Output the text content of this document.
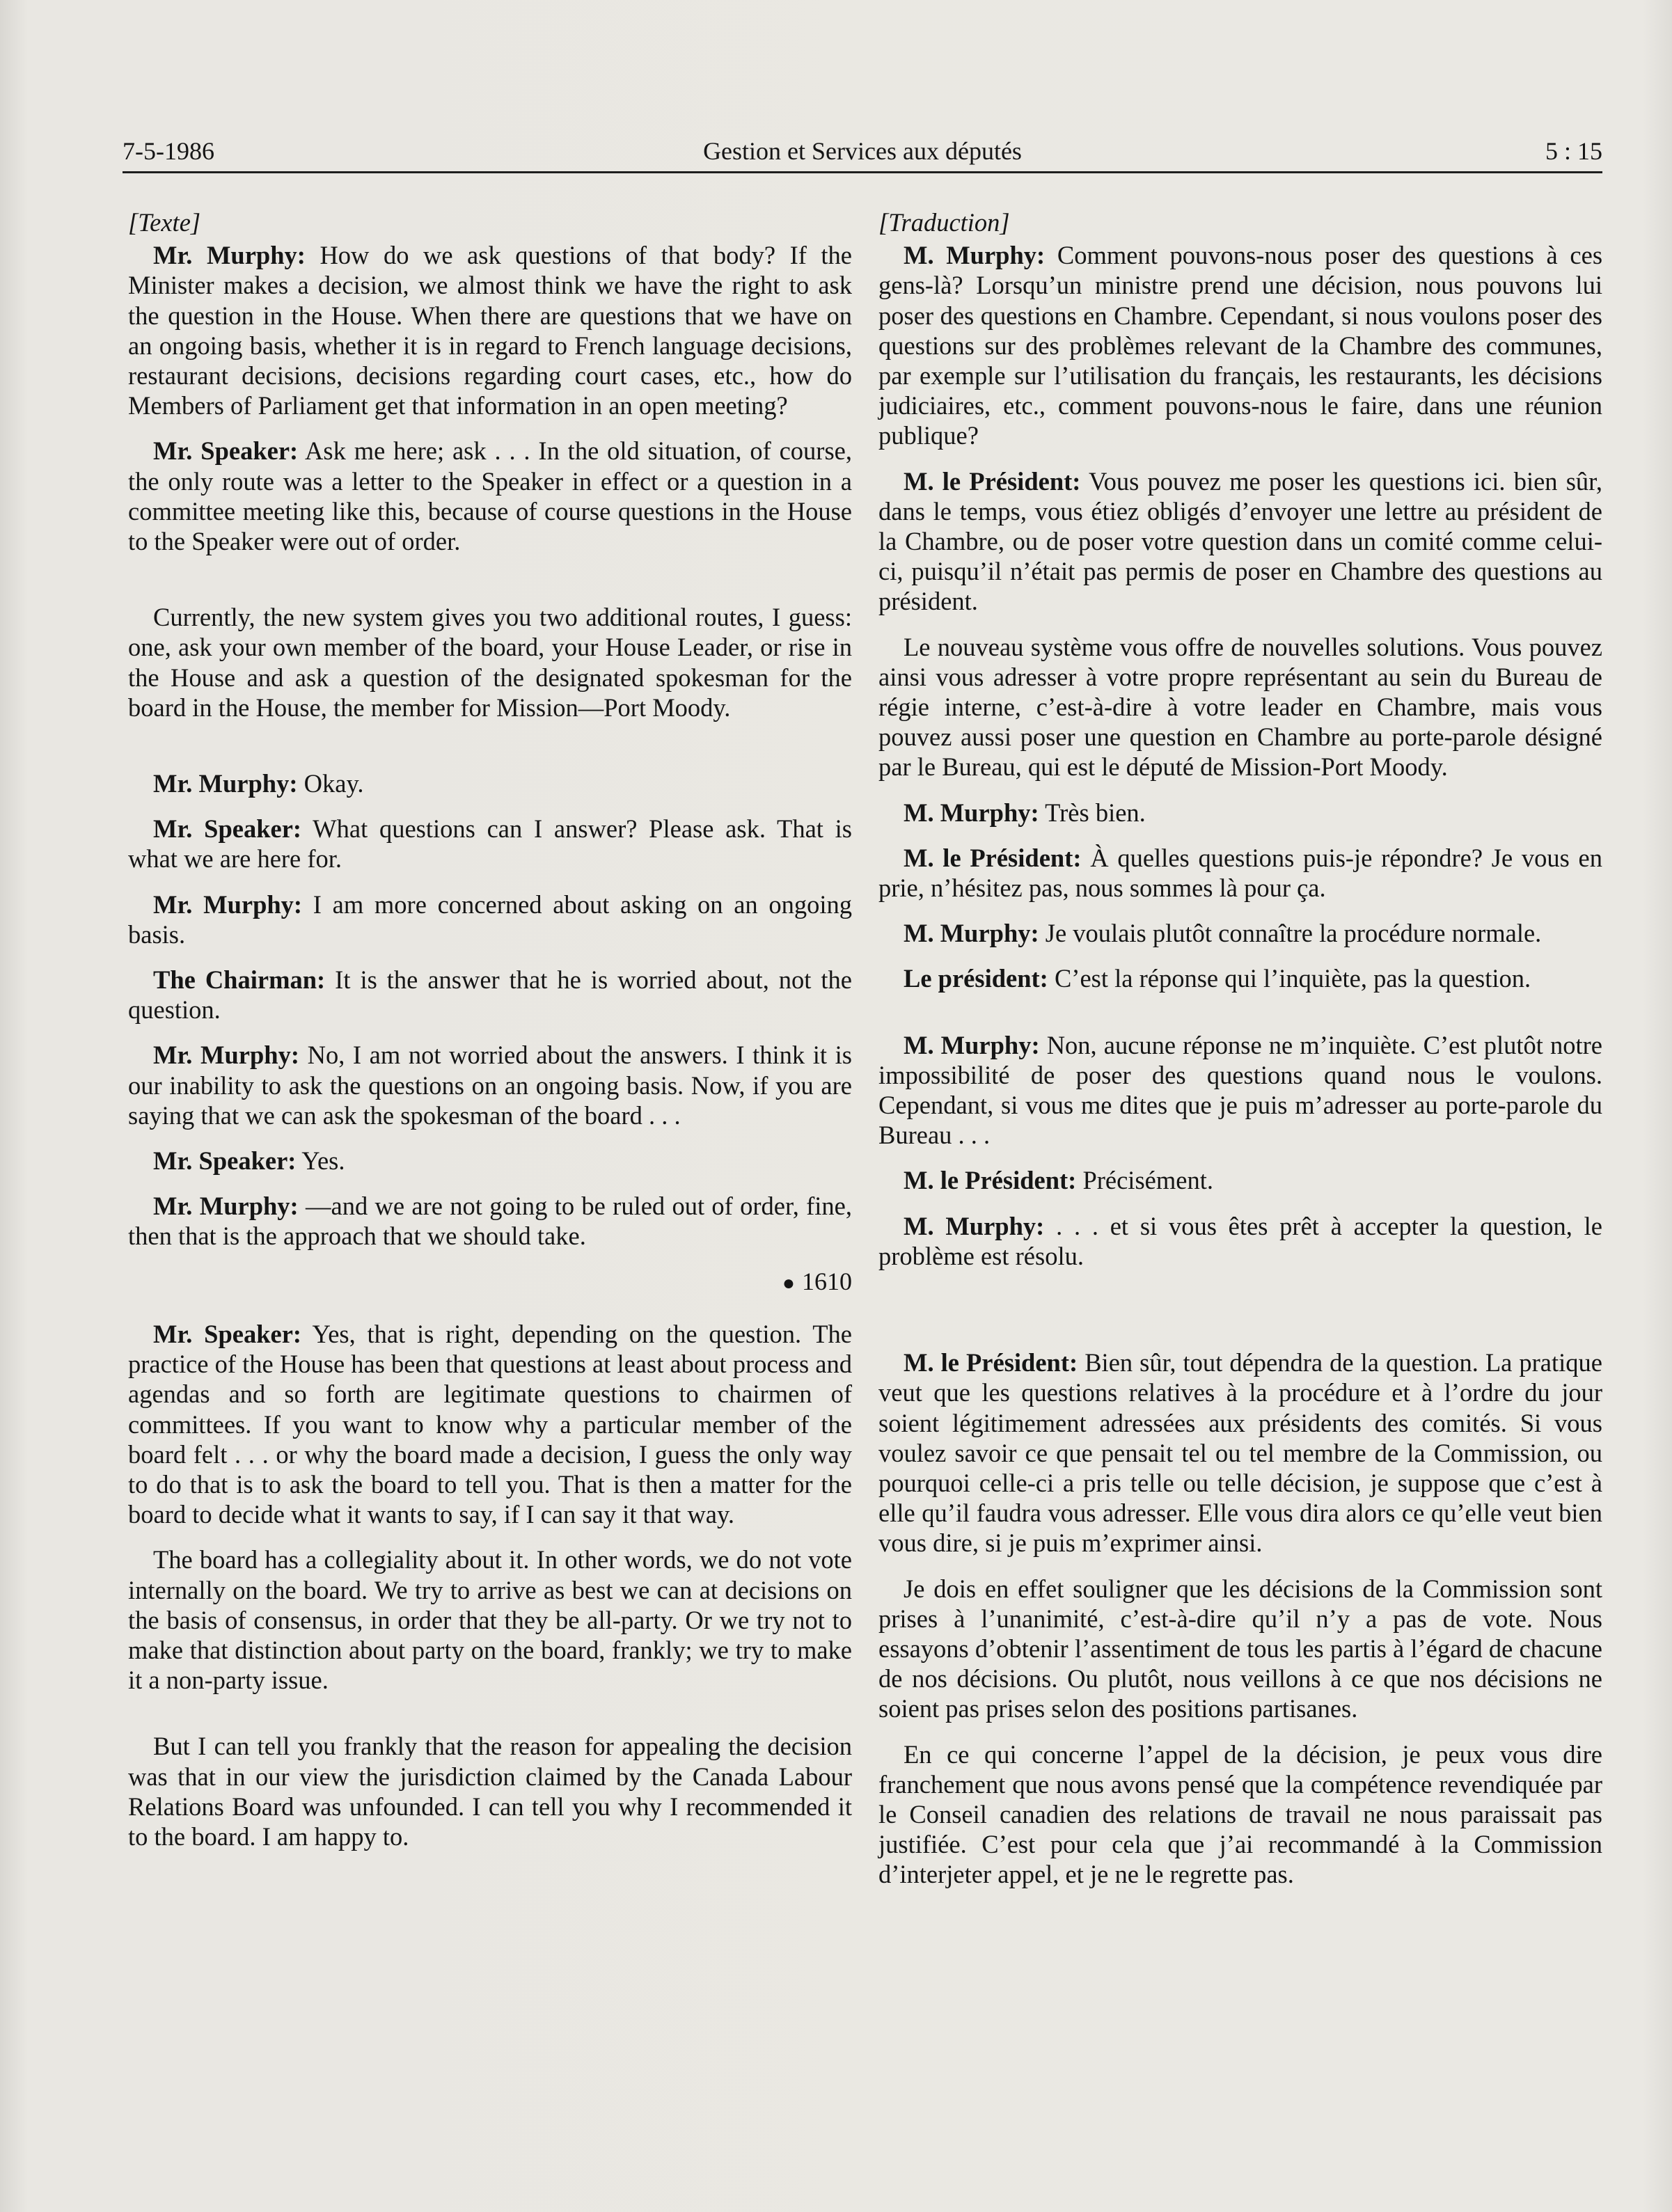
7-5-1986	Gestion et Services aux députés	5 : 15

[Texte]

Mr. Murphy: How do we ask questions of that body? If the Minister makes a decision, we almost think we have the right to ask the question in the House. When there are questions that we have on an ongoing basis, whether it is in regard to French language decisions, restaurant decisions, decisions regarding court cases, etc., how do Members of Parliament get that information in an open meeting?

Mr. Speaker: Ask me here; ask . . . In the old situation, of course, the only route was a letter to the Speaker in effect or a question in a committee meeting like this, because of course questions in the House to the Speaker were out of order.

Currently, the new system gives you two additional routes, I guess: one, ask your own member of the board, your House Leader, or rise in the House and ask a question of the designated spokesman for the board in the House, the member for Mission—Port Moody.

Mr. Murphy: Okay.

Mr. Speaker: What questions can I answer? Please ask. That is what we are here for.

Mr. Murphy: I am more concerned about asking on an ongoing basis.

The Chairman: It is the answer that he is worried about, not the question.

Mr. Murphy: No, I am not worried about the answers. I think it is our inability to ask the questions on an ongoing basis. Now, if you are saying that we can ask the spokesman of the board . . .

Mr. Speaker: Yes.

Mr. Murphy: —and we are not going to be ruled out of order, fine, then that is the approach that we should take.

● 1610

Mr. Speaker: Yes, that is right, depending on the question. The practice of the House has been that questions at least about process and agendas and so forth are legitimate questions to chairmen of committees. If you want to know why a particular member of the board felt . . . or why the board made a decision, I guess the only way to do that is to ask the board to tell you. That is then a matter for the board to decide what it wants to say, if I can say it that way.

The board has a collegiality about it. In other words, we do not vote internally on the board. We try to arrive as best we can at decisions on the basis of consensus, in order that they be all-party. Or we try not to make that distinction about party on the board, frankly; we try to make it a non-party issue.

But I can tell you frankly that the reason for appealing the decision was that in our view the jurisdiction claimed by the Canada Labour Relations Board was unfounded. I can tell you why I recommended it to the board. I am happy to.

[Traduction]

M. Murphy: Comment pouvons-nous poser des questions à ces gens-là? Lorsqu’un ministre prend une décision, nous pouvons lui poser des questions en Chambre. Cependant, si nous voulons poser des questions sur des problèmes relevant de la Chambre des communes, par exemple sur l’utilisation du français, les restaurants, les décisions judiciaires, etc., comment pouvons-nous le faire, dans une réunion publique?

M. le Président: Vous pouvez me poser les questions ici. bien sûr, dans le temps, vous étiez obligés d’envoyer une lettre au président de la Chambre, ou de poser votre question dans un comité comme celui-ci, puisqu’il n’était pas permis de poser en Chambre des questions au président.

Le nouveau système vous offre de nouvelles solutions. Vous pouvez ainsi vous adresser à votre propre représentant au sein du Bureau de régie interne, c’est-à-dire à votre leader en Chambre, mais vous pouvez aussi poser une question en Chambre au porte-parole désigné par le Bureau, qui est le député de Mission-Port Moody.

M. Murphy: Très bien.

M. le Président: À quelles questions puis-je répondre? Je vous en prie, n’hésitez pas, nous sommes là pour ça.

M. Murphy: Je voulais plutôt connaître la procédure normale.

Le président: C’est la réponse qui l’inquiète, pas la question.

M. Murphy: Non, aucune réponse ne m’inquiète. C’est plutôt notre impossibilité de poser des questions quand nous le voulons. Cependant, si vous me dites que je puis m’adresser au porte-parole du Bureau . . .

M. le Président: Précisément.

M. Murphy: . . . et si vous êtes prêt à accepter la question, le problème est résolu.

M. le Président: Bien sûr, tout dépendra de la question. La pratique veut que les questions relatives à la procédure et à l’ordre du jour soient légitimement adressées aux présidents des comités. Si vous voulez savoir ce que pensait tel ou tel membre de la Commission, ou pourquoi celle-ci a pris telle ou telle décision, je suppose que c’est à elle qu’il faudra vous adresser. Elle vous dira alors ce qu’elle veut bien vous dire, si je puis m’exprimer ainsi.

Je dois en effet souligner que les décisions de la Commission sont prises à l’unanimité, c’est-à-dire qu’il n’y a pas de vote. Nous essayons d’obtenir l’assentiment de tous les partis à l’égard de chacune de nos décisions. Ou plutôt, nous veillons à ce que nos décisions ne soient pas prises selon des positions partisanes.

En ce qui concerne l’appel de la décision, je peux vous dire franchement que nous avons pensé que la compétence revendiquée par le Conseil canadien des relations de travail ne nous paraissait pas justifiée. C’est pour cela que j’ai recommandé à la Commission d’interjeter appel, et je ne le regrette pas.
